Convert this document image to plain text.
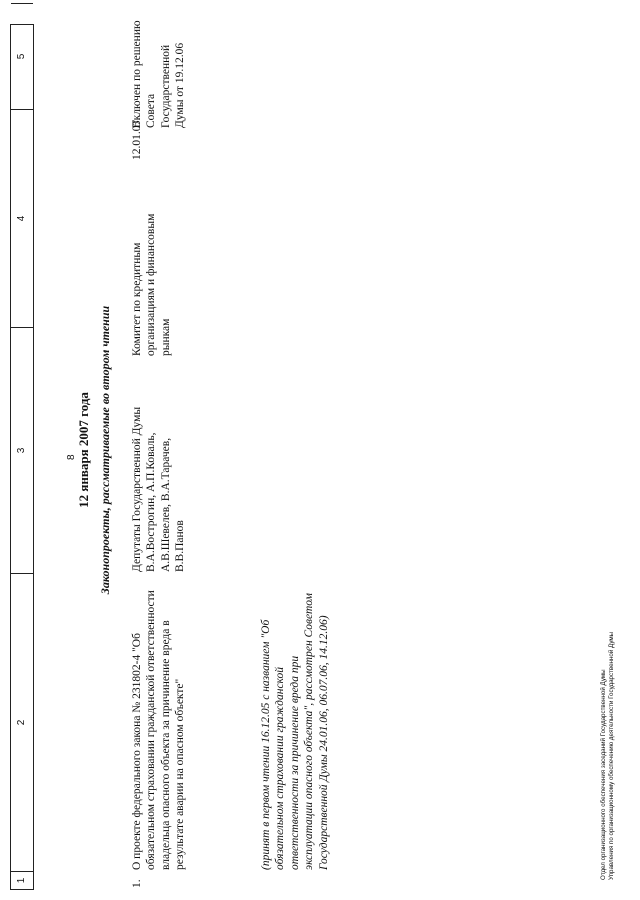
1
2
3
4
5
8 12 января 2007 года Законопроекты, рассматриваемые во втором чтении
1.
О проекте федерального закона № 231802-4 "Об обязательном страховании гражданской ответственности владельца опасного объекта за причинение вреда в результате аварии на опасном объекте"	(принят в первом чтении 16.12.05 с названием "Об обязательном страховании гражданской ответственности за причинение вреда при эксплуатации опасного объекта", рассмотрен Советом Государственной Думы 24.01.06, 06.07.06, 14.12.06)
Депутаты Государственной Думы В.А.Вострогин, А.П.Коваль, А.В.Шевелев, В.А.Тарачев, В.В.Панов
Комитет по кредитным организациям и финансовым рынкам
12.01.07
Включен по решению Совета Государственной Думы от 19.12.06
Отдел организационного обеспечения заседаний Государственной Думы Управления по организационному обеспечению деятельности Государственной Думы
